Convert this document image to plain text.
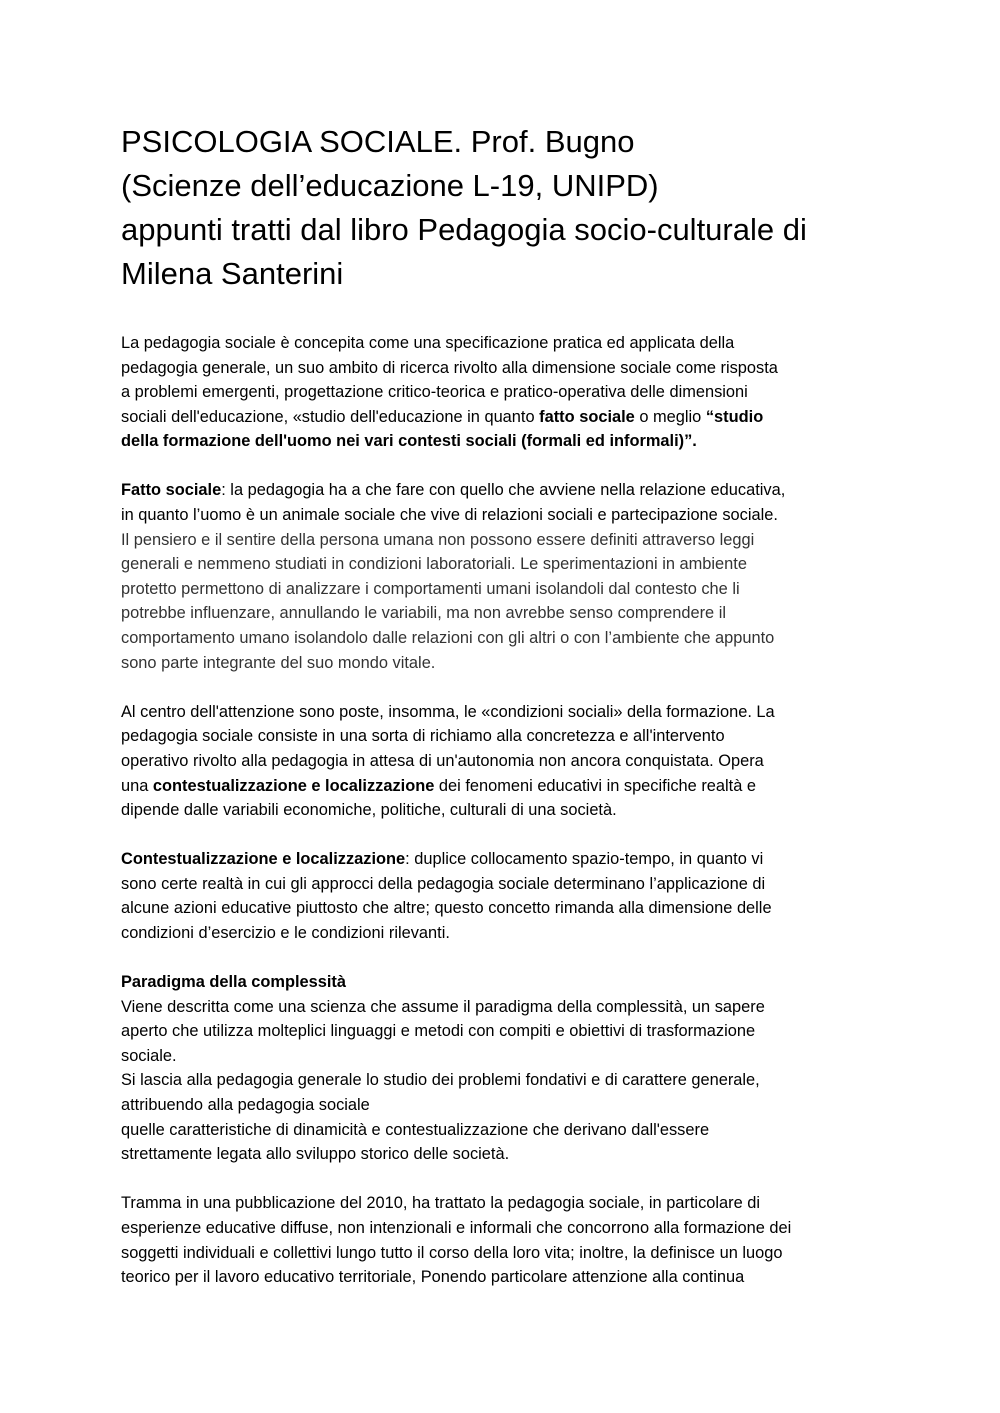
PSICOLOGIA SOCIALE. Prof. Bugno
(Scienze dell’educazione L-19, UNIPD)
appunti tratti dal libro Pedagogia socio-culturale di
Milena Santerini
La pedagogia sociale è concepita come una specificazione pratica ed applicata della
pedagogia generale, un suo ambito di ricerca rivolto alla dimensione sociale come risposta
a problemi emergenti, progettazione critico-teorica e pratico-operativa delle dimensioni
sociali dell'educazione, «studio dell'educazione in quanto fatto sociale o meglio “studio
della formazione dell'uomo nei vari contesti sociali (formali ed informali)”.
Fatto sociale: la pedagogia ha a che fare con quello che avviene nella relazione educativa,
in quanto l’uomo è un animale sociale che vive di relazioni sociali e partecipazione sociale.
Il pensiero e il sentire della persona umana non possono essere definiti attraverso leggi
generali e nemmeno studiati in condizioni laboratoriali. Le sperimentazioni in ambiente
protetto permettono di analizzare i comportamenti umani isolandoli dal contesto che li
potrebbe influenzare, annullando le variabili, ma non avrebbe senso comprendere il
comportamento umano isolandolo dalle relazioni con gli altri o con l’ambiente che appunto
sono parte integrante del suo mondo vitale.
Al centro dell'attenzione sono poste, insomma, le «condizioni sociali» della formazione. La
pedagogia sociale consiste in una sorta di richiamo alla concretezza e all'intervento
operativo rivolto alla pedagogia in attesa di un'autonomia non ancora conquistata. Opera
una contestualizzazione e localizzazione dei fenomeni educativi in specifiche realtà e
dipende dalle variabili economiche, politiche, culturali di una società.
Contestualizzazione e localizzazione: duplice collocamento spazio-tempo, in quanto vi
sono certe realtà in cui gli approcci della pedagogia sociale determinano l’applicazione di
alcune azioni educative piuttosto che altre; questo concetto rimanda alla dimensione delle
condizioni d’esercizio e le condizioni rilevanti.
Paradigma della complessità
Viene descritta come una scienza che assume il paradigma della complessità, un sapere
aperto che utilizza molteplici linguaggi e metodi con compiti e obiettivi di trasformazione
sociale.
Si lascia alla pedagogia generale lo studio dei problemi fondativi e di carattere generale,
attribuendo alla pedagogia sociale
quelle caratteristiche di dinamicità e contestualizzazione che derivano dall'essere
strettamente legata allo sviluppo storico delle società.
Tramma in una pubblicazione del 2010, ha trattato la pedagogia sociale, in particolare di
esperienze educative diffuse, non intenzionali e informali che concorrono alla formazione dei
soggetti individuali e collettivi lungo tutto il corso della loro vita; inoltre, la definisce un luogo
teorico per il lavoro educativo territoriale, Ponendo particolare attenzione alla continua
